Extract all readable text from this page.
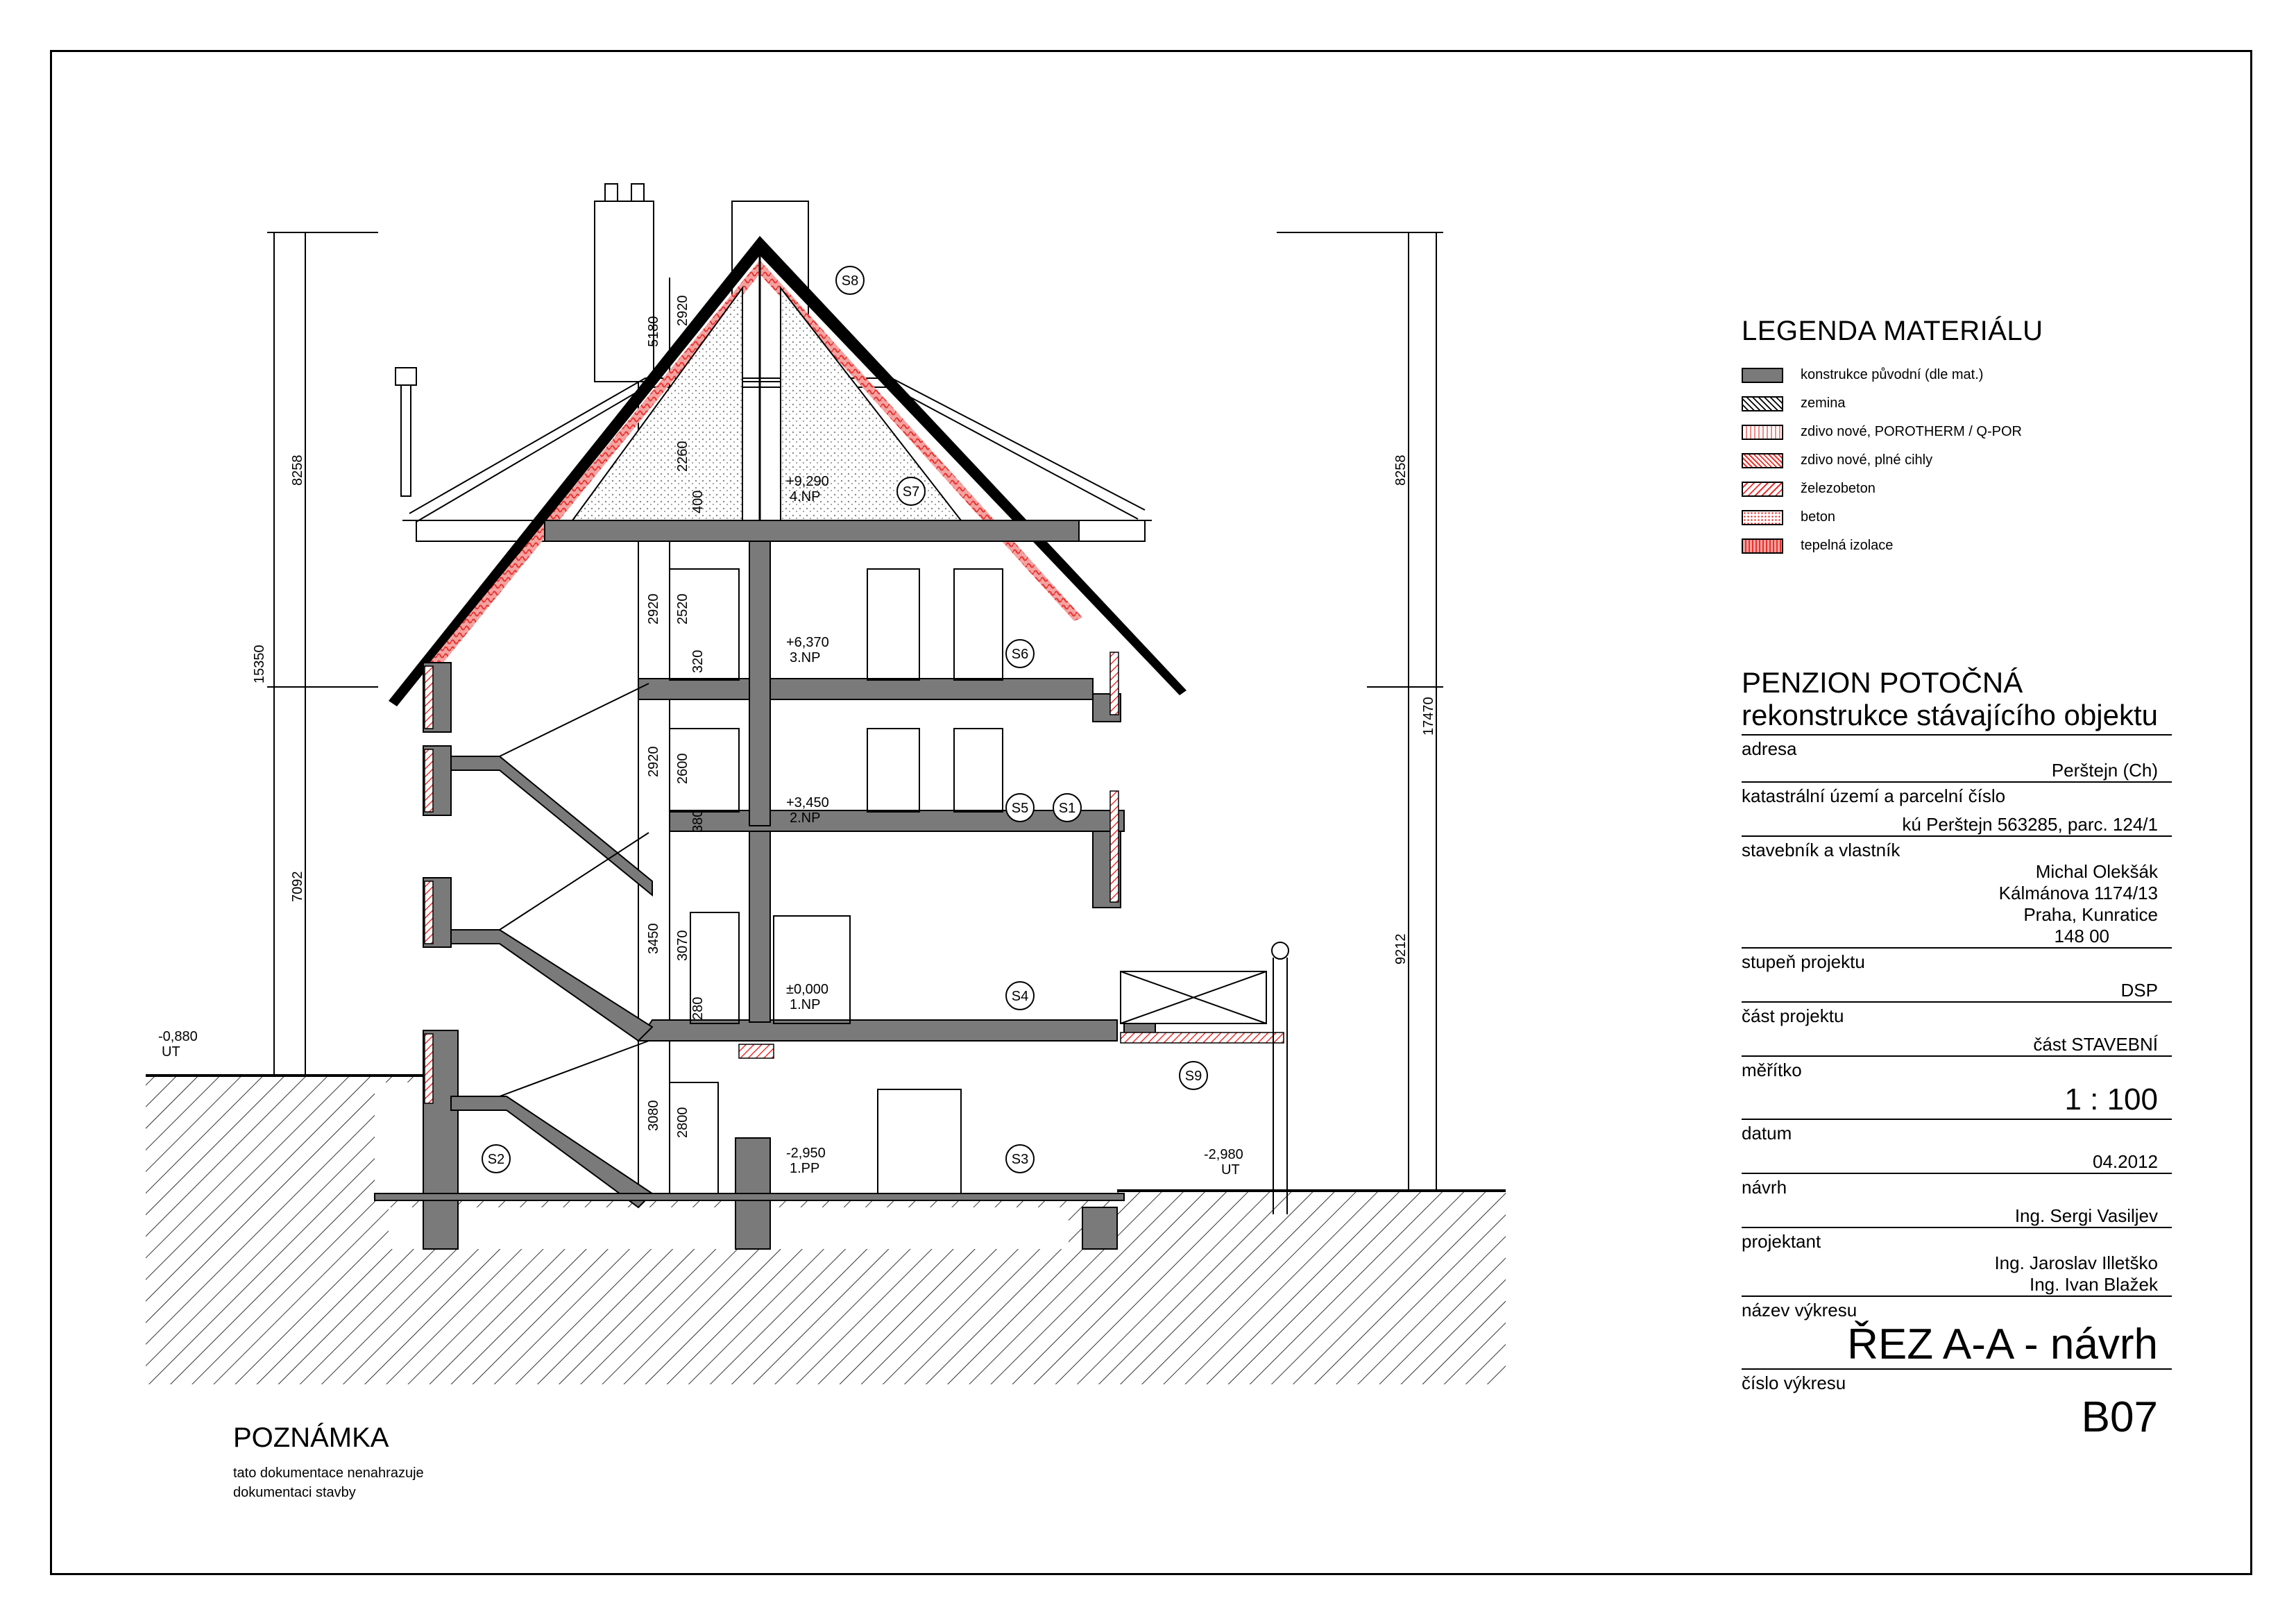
S1
S2	S3
S4
S5
S6
S7
S8
S9
+9,290
4.NP
+6,370
3.NP
+3,450
2.NP
±0,000
1.NP
-2,950
1.PP
-0,880
UT
-2,980
UT
15350
8258
7092
17470
8258
9212
5180
2920
2920
2920
3450
3080
2260
400
2520
320
2600
380
3070
280
2800
LEGENDA MATERIÁLU
konstrukce původní (dle mat.)
zemina
zdivo nové, POROTHERM / Q-POR
zdivo nové, plné cihly
železobeton
beton
tepelná izolace
PENZION POTOČNÁ
rekonstrukce stávajícího objektu
adresa
Perštejn (Ch)
katastrální území a parcelní číslo
kú Perštejn 563285, parc. 124/1
stavebník a vlastník
Michal Olekšák
Kálmánova 1174/13
Praha, Kunratice
148 00
stupeň projektu
DSP
část projektu
část STAVEBNÍ
měřítko
1 : 100
datum
04.2012
návrh
Ing. Sergi Vasiljev
projektant
Ing. Jaroslav Illetško
Ing. Ivan Blažek
název výkresu
ŘEZ A-A - návrh
číslo výkresu
B07
POZNÁMKA
tato dokumentace nenahrazuje
dokumentaci stavby
